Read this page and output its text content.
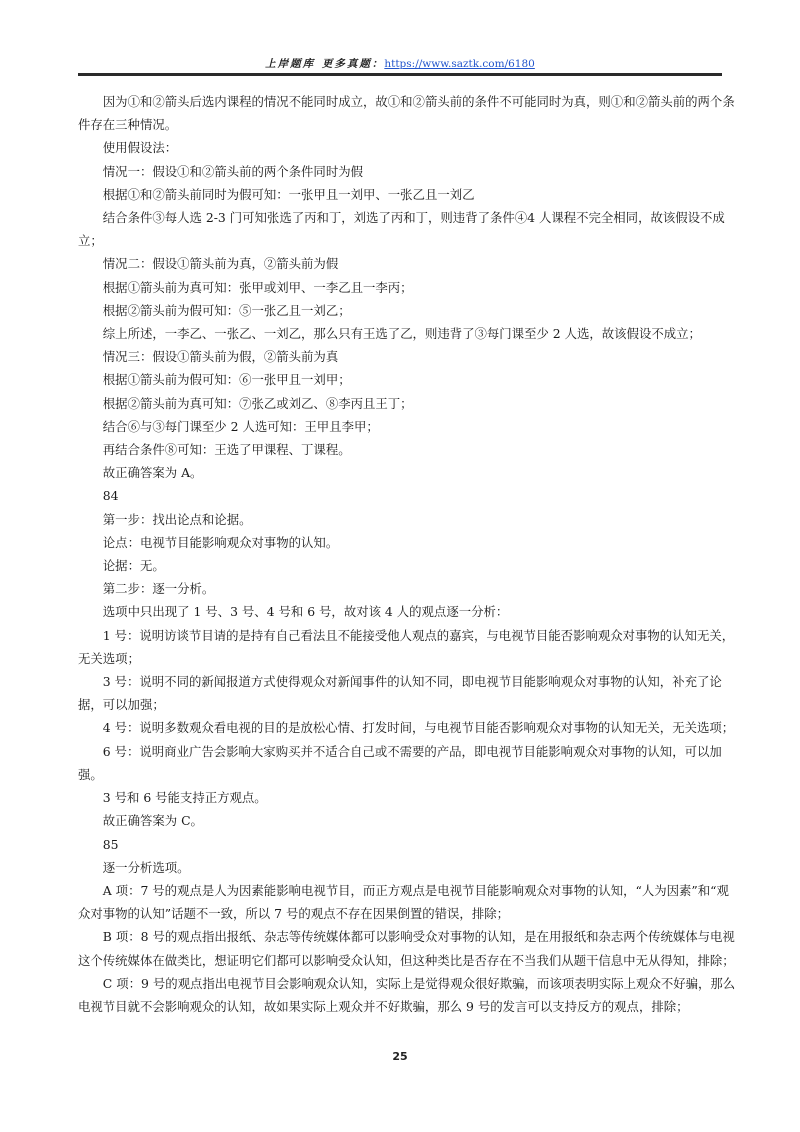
上岸题库 更多真题：https://www.saztk.com/6180

因为①和②箭头后选内课程的情况不能同时成立，故①和②箭头前的条件不可能同时为真，则①和②箭头前的两个条件存在三种情况。

使用假设法：

情况一：假设①和②箭头前的两个条件同时为假

根据①和②箭头前同时为假可知：一张甲且一刘甲、一张乙且一刘乙

结合条件③每人选 2-3 门可知张选了丙和丁，刘选了丙和丁，则违背了条件④4 人课程不完全相同，故该假设不成立；

情况二：假设①箭头前为真，②箭头前为假

根据①箭头前为真可知：张甲或刘甲、一李乙且一李丙；

根据②箭头前为假可知：⑤一张乙且一刘乙；

综上所述，一李乙、一张乙、一刘乙，那么只有王选了乙，则违背了③每门课至少 2 人选，故该假设不成立；

情况三：假设①箭头前为假，②箭头前为真

根据①箭头前为假可知：⑥一张甲且一刘甲；

根据②箭头前为真可知：⑦张乙或刘乙、⑧李丙且王丁；

结合⑥与③每门课至少 2 人选可知：王甲且李甲；

再结合条件⑧可知：王选了甲课程、丁课程。

故正确答案为 A。

84

第一步：找出论点和论据。

论点：电视节目能影响观众对事物的认知。

论据：无。

第二步：逐一分析。

选项中只出现了 1 号、3 号、4 号和 6 号，故对该 4 人的观点逐一分析：

1 号：说明访谈节目请的是持有自己看法且不能接受他人观点的嘉宾，与电视节目能否影响观众对事物的认知无关，无关选项；

3 号：说明不同的新闻报道方式使得观众对新闻事件的认知不同，即电视节目能影响观众对事物的认知，补充了论据，可以加强；

4 号：说明多数观众看电视的目的是放松心情、打发时间，与电视节目能否影响观众对事物的认知无关，无关选项；

6 号：说明商业广告会影响大家购买并不适合自己或不需要的产品，即电视节目能影响观众对事物的认知，可以加强。

3 号和 6 号能支持正方观点。

故正确答案为 C。

85

逐一分析选项。

A 项：7 号的观点是人为因素能影响电视节目，而正方观点是电视节目能影响观众对事物的认知，“人为因素”和“观众对事物的认知”话题不一致，所以 7 号的观点不存在因果倒置的错误，排除；

B 项：8 号的观点指出报纸、杂志等传统媒体都可以影响受众对事物的认知，是在用报纸和杂志两个传统媒体与电视这个传统媒体在做类比，想证明它们都可以影响受众认知，但这种类比是否存在不当我们从题干信息中无从得知，排除；

C 项：9 号的观点指出电视节目会影响观众认知，实际上是觉得观众很好欺骗，而该项表明实际上观众不好骗，那么电视节目就不会影响观众的认知，故如果实际上观众并不好欺骗，那么 9 号的发言可以支持反方的观点，排除；

25
